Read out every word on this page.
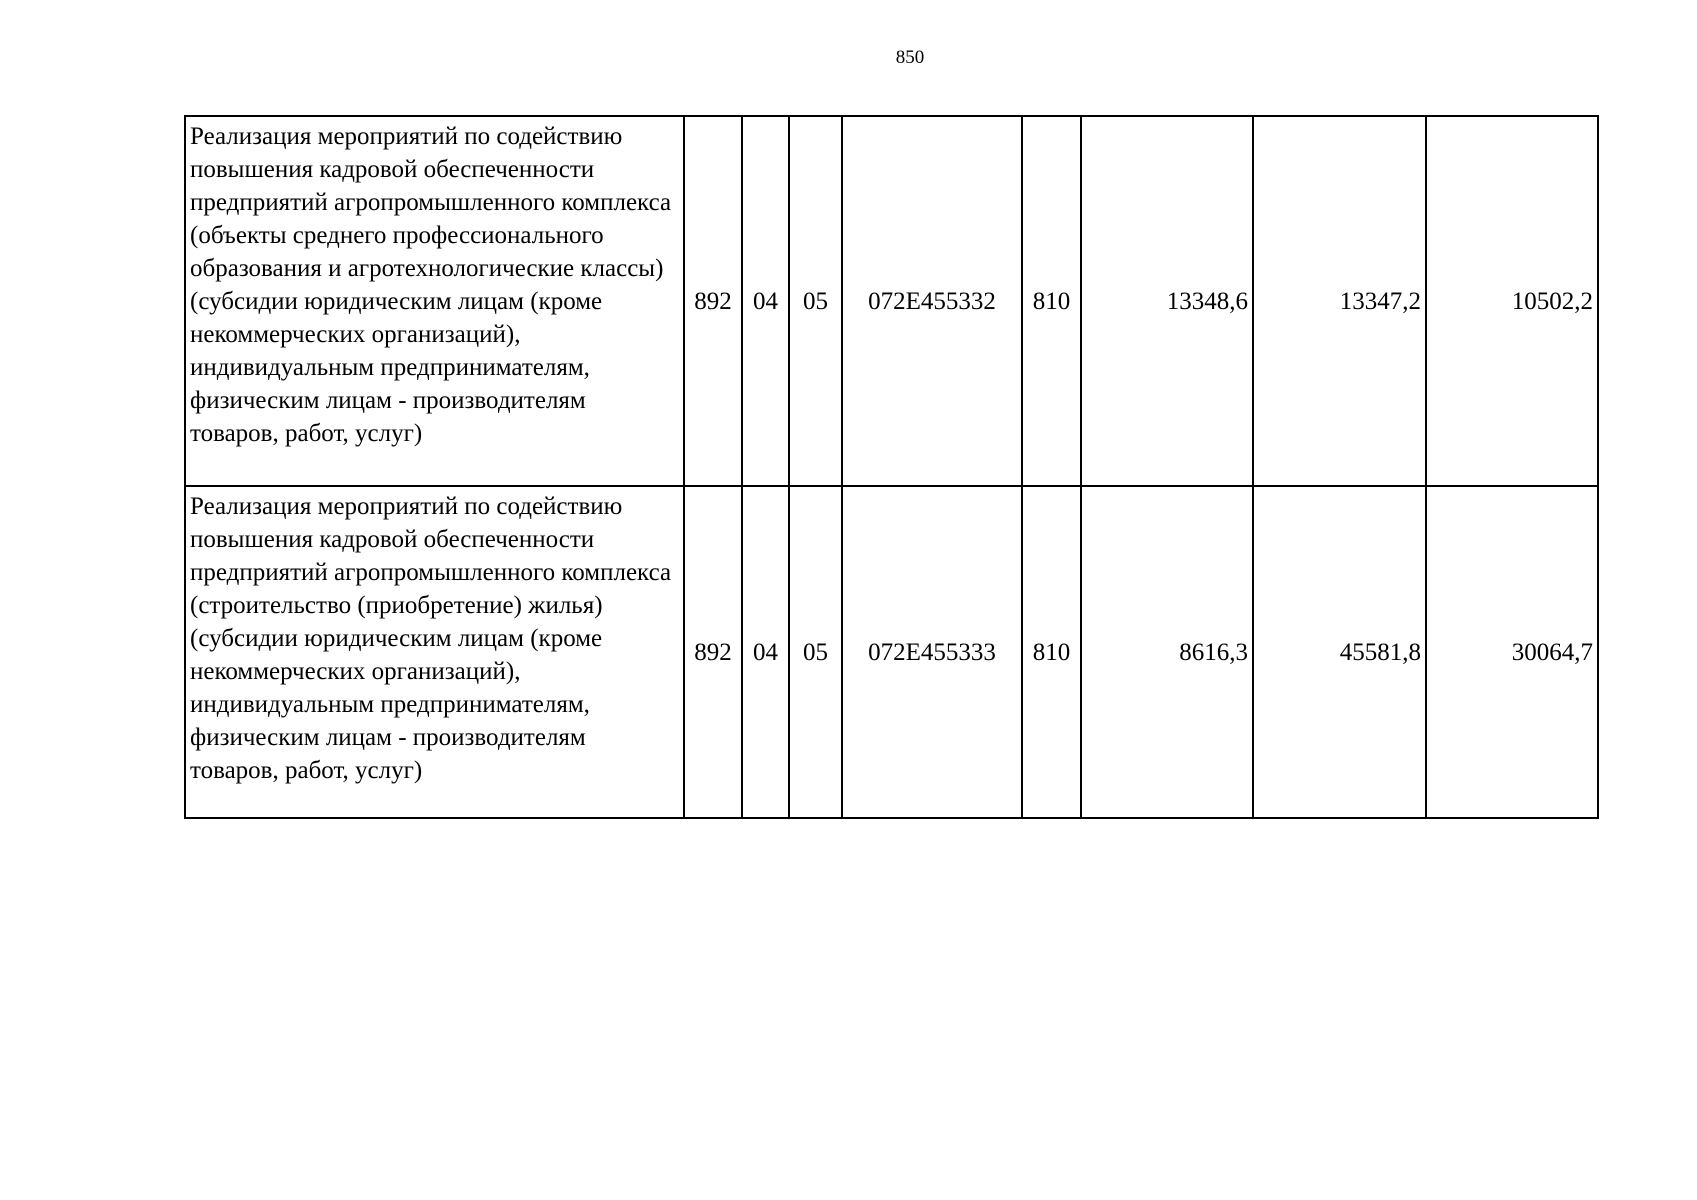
850
Реализация мероприятий по содействию повышения кадровой обеспеченности предприятий агропромышленного комплекса (объекты среднего профессионального образования и агротехнологические классы) (субсидии юридическим лицам (кроме некоммерческих организаций), индивидуальным предпринимателям, физическим лицам - производителям товаров, работ, услуг)	892	04	05	072E455332	810	13348,6	13347,2	10502,2
Реализация мероприятий по содействию повышения кадровой обеспеченности предприятий агропромышленного комплекса (строительство (приобретение) жилья) (субсидии юридическим лицам (кроме некоммерческих организаций), индивидуальным предпринимателям, физическим лицам - производителям товаров, работ, услуг)	892	04	05	072E455333	810	8616,3	45581,8	30064,7
